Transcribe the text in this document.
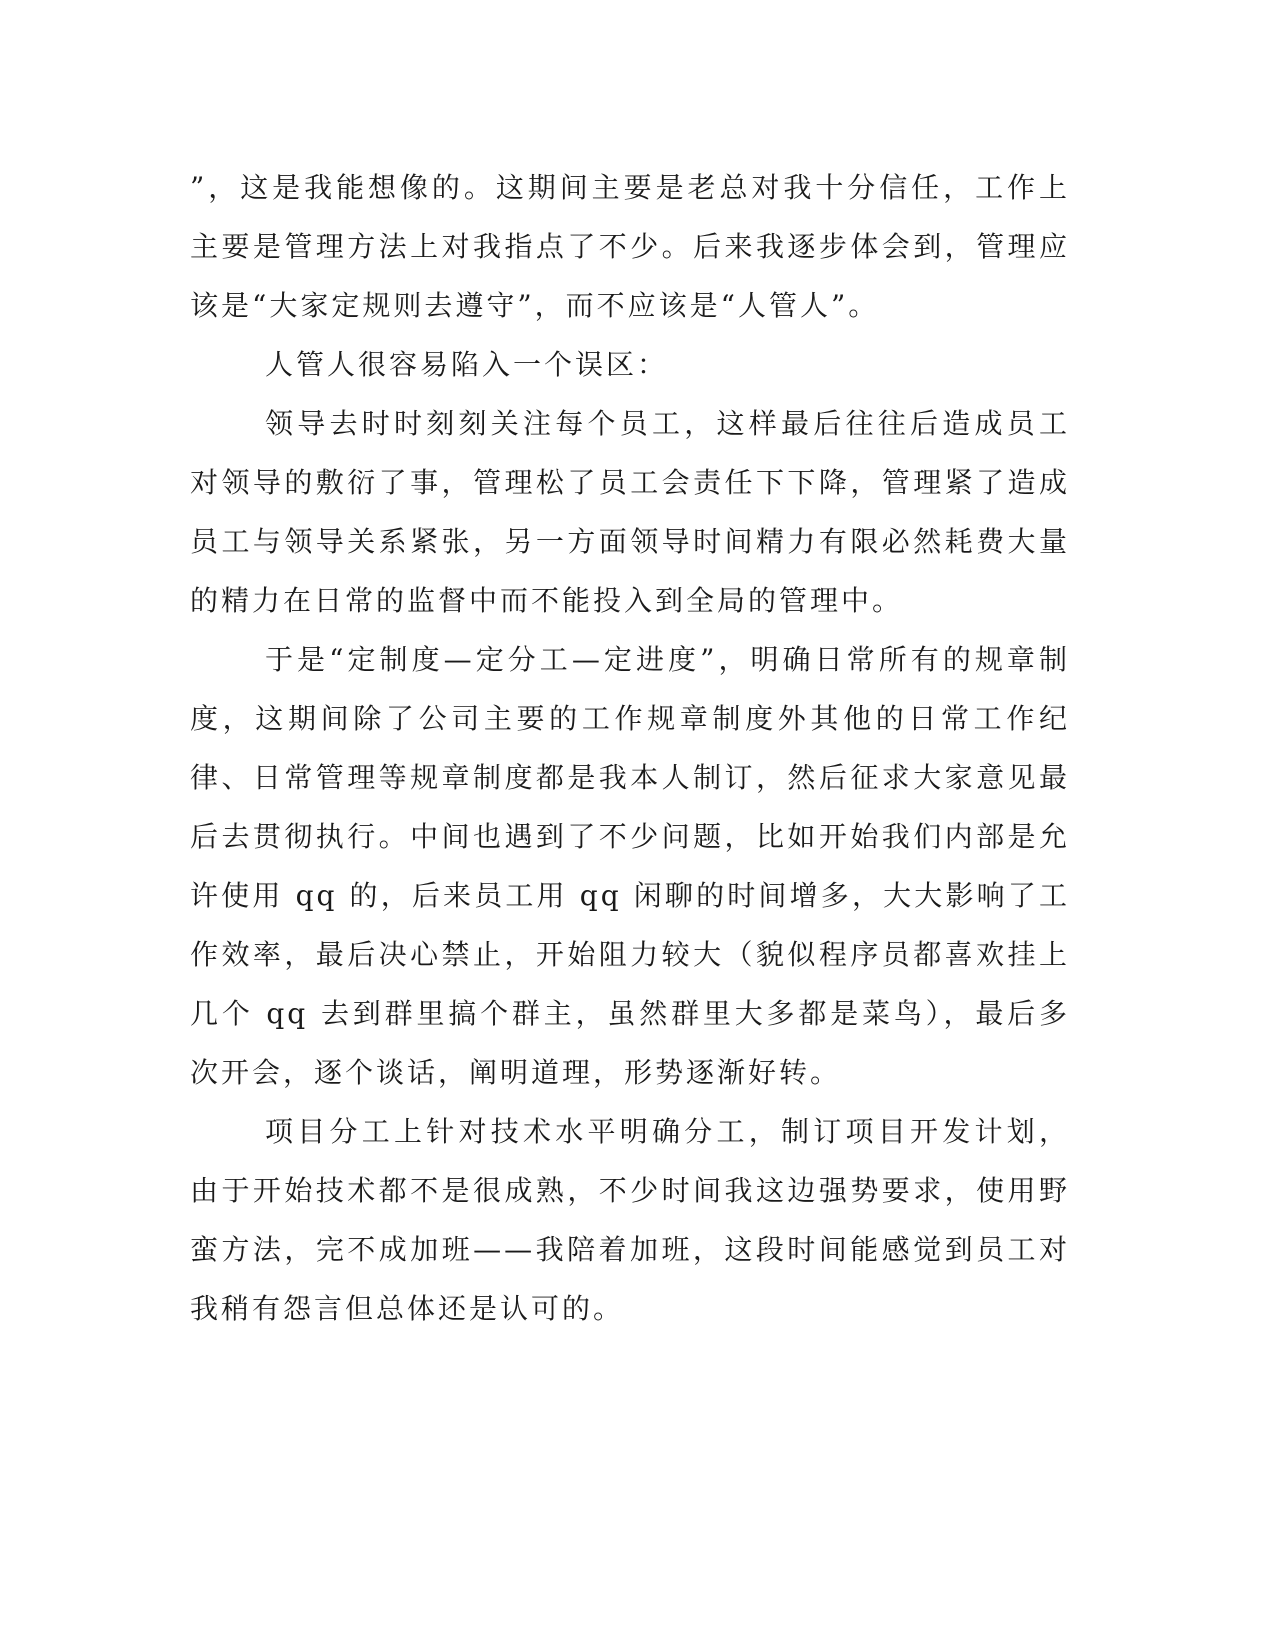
”，这是我能想像的。这期间主要是老总对我十分信任，工作上主要是管理方法上对我指点了不少。后来我逐步体会到，管理应该是“大家定规则去遵守”，而不应该是“人管人”。

人管人很容易陷入一个误区：

领导去时时刻刻关注每个员工，这样最后往往后造成员工对领导的敷衍了事，管理松了员工会责任下下降，管理紧了造成员工与领导关系紧张，另一方面领导时间精力有限必然耗费大量的精力在日常的监督中而不能投入到全局的管理中。

于是“定制度—定分工—定进度”，明确日常所有的规章制度，这期间除了公司主要的工作规章制度外其他的日常工作纪律、日常管理等规章制度都是我本人制订，然后征求大家意见最后去贯彻执行。中间也遇到了不少问题，比如开始我们内部是允许使用 qq 的，后来员工用 qq 闲聊的时间增多，大大影响了工作效率，最后决心禁止，开始阻力较大（貌似程序员都喜欢挂上几个 qq 去到群里搞个群主，虽然群里大多都是菜鸟），最后多次开会，逐个谈话，阐明道理，形势逐渐好转。

项目分工上针对技术水平明确分工，制订项目开发计划，由于开始技术都不是很成熟，不少时间我这边强势要求，使用野蛮方法，完不成加班——我陪着加班，这段时间能感觉到员工对我稍有怨言但总体还是认可的。
